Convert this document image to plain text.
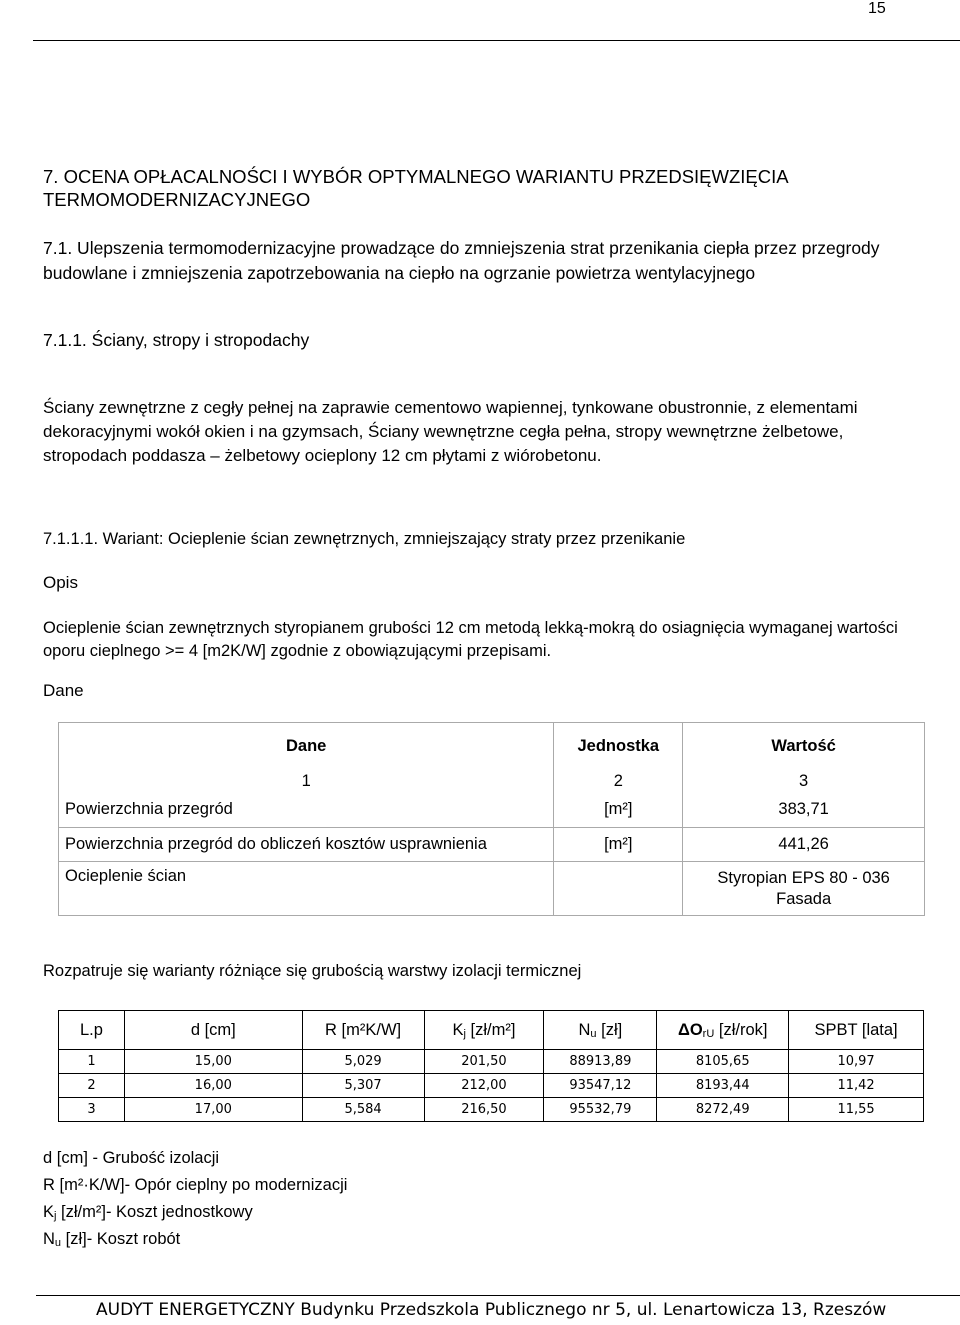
15
7. OCENA OPŁACALNOŚCI I WYBÓR OPTYMALNEGO WARIANTU PRZEDSIĘWZIĘCIA
TERMOMODERNIZACYJNEGO
7.1. Ulepszenia termomodernizacyjne prowadzące do zmniejszenia strat przenikania ciepła przez przegrody budowlane i zmniejszenia zapotrzebowania na ciepło na ogrzanie powietrza wentylacyjnego
7.1.1. Ściany, stropy i stropodachy
Ściany zewnętrzne z cegły pełnej na zaprawie cementowo wapiennej, tynkowane obustronnie, z elementami dekoracyjnymi wokół okien i na gzymsach, Ściany wewnętrzne cegła pełna, stropy wewnętrzne żelbetowe, stropodach poddasza – żelbetowy ocieplony 12 cm płytami z wiórobetonu.
7.1.1.1. Wariant: Ocieplenie ścian zewnętrznych, zmniejszający straty przez przenikanie
Opis
Ocieplenie ścian zewnętrznych styropianem grubości 12 cm metodą lekką-mokrą do osiagnięcia wymaganej wartości oporu cieplnego >= 4 [m2K/W] zgodnie z obowiązującymi przepisami.
Dane
Dane	Jednostka	Wartość
1	2	3
Powierzchnia przegród	[m²]	383,71
Powierzchnia przegród do obliczeń kosztów usprawnienia	[m²]	441,26
Ocieplenie ścian		Styropian EPS 80 - 036
Fasada
Rozpatruje się warianty różniące się grubością warstwy izolacji termicznej
L.p	d [cm]	R [m²K/W]	$K_j$ [zł/m²]	$N_u$ [zł]	$\Delta O_{rU}$ [zł/rok]	SPBT [lata]
1	15,00	5,029	201,50	88913,89	8105,65	10,97
2	16,00	5,307	212,00	93547,12	8193,44	11,42
3	17,00	5,584	216,50	95532,79	8272,49	11,55
d [cm] - Grubość izolacji
R [m²·K/W]- Opór cieplny po modernizacji
$K_j$ [zł/m²]- Koszt jednostkowy
$N_u$ [zł]- Koszt robót
AUDYT ENERGETYCZNY Budynku Przedszkola Publicznego nr 5, ul. Lenartowicza 13, Rzeszów
